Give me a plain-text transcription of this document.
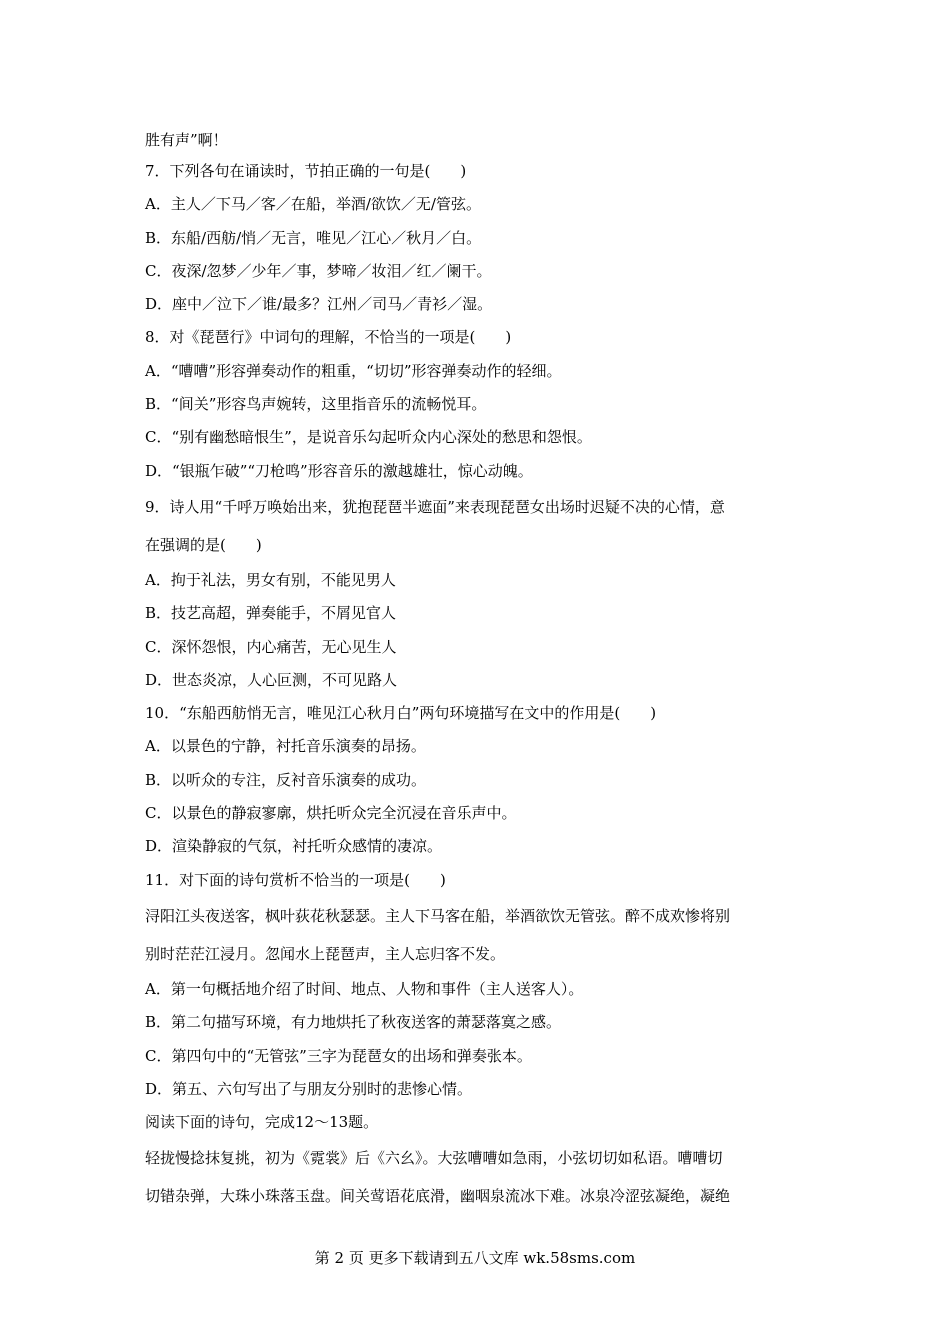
胜有声”啊！
7．下列各句在诵读时，节拍正确的一句是(　　)
A．主人／下马／客／在船，举酒/欲饮／无/管弦。
B．东船/西舫/悄／无言，唯见／江心／秋月／白。
C．夜深/忽梦／少年／事，梦啼／妆泪／红／阑干。
D．座中／泣下／谁/最多？江州／司马／青衫／湿。
8．对《琵琶行》中词句的理解，不恰当的一项是(　　)
A．“嘈嘈”形容弹奏动作的粗重，“切切”形容弹奏动作的轻细。
B．“间关”形容鸟声婉转，这里指音乐的流畅悦耳。
C．“别有幽愁暗恨生”，是说音乐勾起听众内心深处的愁思和怨恨。
D．“银瓶乍破”“刀枪鸣”形容音乐的激越雄壮，惊心动魄。
9．诗人用“千呼万唤始出来，犹抱琵琶半遮面”来表现琵琶女出场时迟疑不决的心情，意
在强调的是(　　)
A．拘于礼法，男女有别，不能见男人
B．技艺高超，弹奏能手，不屑见官人
C．深怀怨恨，内心痛苦，无心见生人
D．世态炎凉，人心叵测，不可见路人
10．“东船西舫悄无言，唯见江心秋月白”两句环境描写在文中的作用是(　　)
A．以景色的宁静，衬托音乐演奏的昂扬。
B．以听众的专注，反衬音乐演奏的成功。
C．以景色的静寂寥廓，烘托听众完全沉浸在音乐声中。
D．渲染静寂的气氛，衬托听众感情的凄凉。
11．对下面的诗句赏析不恰当的一项是(　　)
浔阳江头夜送客，枫叶荻花秋瑟瑟。主人下马客在船，举酒欲饮无管弦。醉不成欢惨将别
别时茫茫江浸月。忽闻水上琵琶声，主人忘归客不发。
A．第一句概括地介绍了时间、地点、人物和事件（主人送客人）。
B．第二句描写环境，有力地烘托了秋夜送客的萧瑟落寞之感。
C．第四句中的“无管弦”三字为琵琶女的出场和弹奏张本。
D．第五、六句写出了与朋友分别时的悲惨心情。
阅读下面的诗句，完成12～13题。
轻拢慢捻抹复挑，初为《霓裳》后《六幺》。大弦嘈嘈如急雨，小弦切切如私语。嘈嘈切
切错杂弹，大珠小珠落玉盘。间关莺语花底滑，幽咽泉流冰下难。冰泉冷涩弦凝绝，凝绝
第 2 页 更多下载请到五八文库 wk.58sms.com
